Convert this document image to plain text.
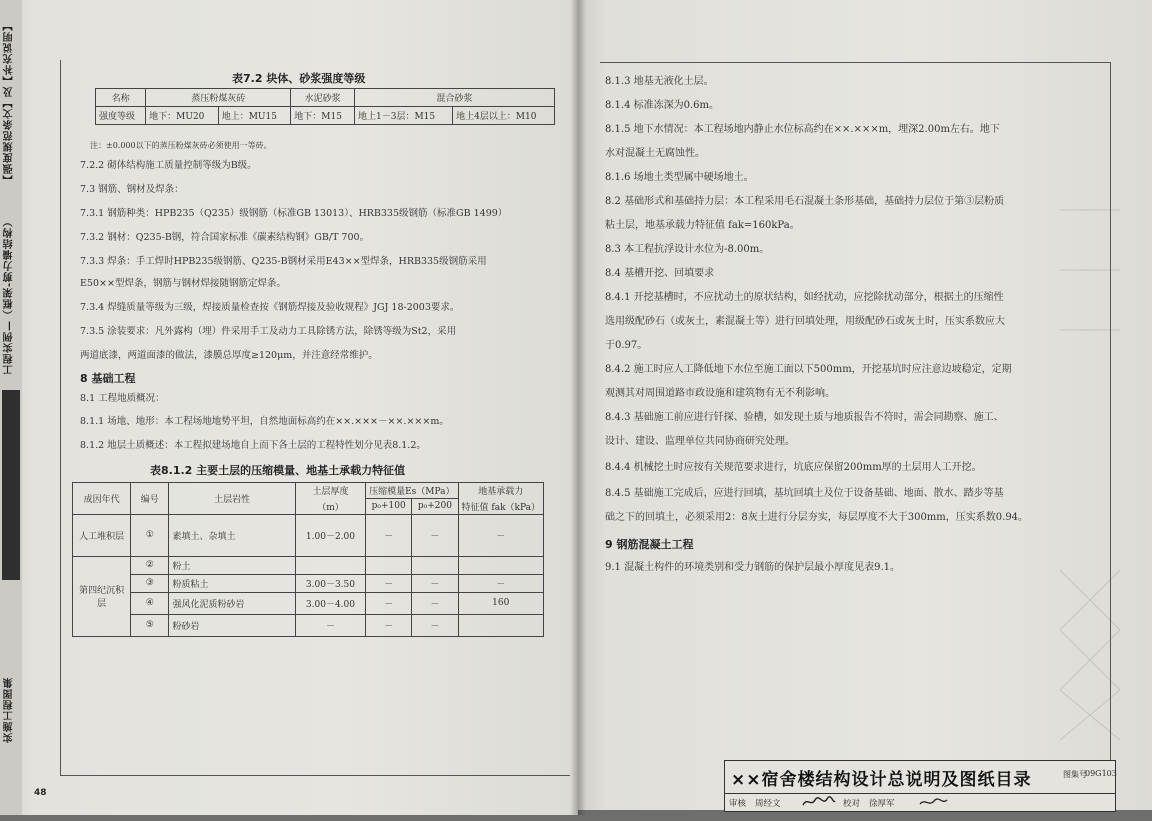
【强度规范条文】及【补充说明】
工程实例—（框架-剪力墙结构）
实施工程图集
表7.2 块体、砂浆强度等级
名称	蒸压粉煤灰砖		水泥砂浆	混合砂浆	
强度等级	地下：MU20	地上：MU15	地下：M15	地上1－3层：M15	地上4层以上：M10
注：±0.000以下的蒸压粉煤灰砖必须使用一等砖。
7.2.2 砌体结构施工质量控制等级为B级。
7.3 钢筋、钢材及焊条：
7.3.1 钢筋种类：HPB235（Q235）级钢筋（标准GB 13013）、HRB335级钢筋（标准GB 1499）
7.3.2 钢材：Q235-B钢，符合国家标准《碳素结构钢》GB/T 700。
7.3.3 焊条：手工焊时HPB235级钢筋、Q235-B钢材采用E43××型焊条，HRB335级钢筋采用
E50××型焊条，钢筋与钢材焊接随钢筋定焊条。
7.3.4 焊缝质量等级为三级，焊接质量检查按《钢筋焊接及验收规程》JGJ 18-2003要求。
7.3.5 涂装要求：凡外露构（埋）件采用手工及动力工具除锈方法，除锈等级为St2，采用
两道底漆，两道面漆的做法，漆膜总厚度≥120μm，并注意经常维护。
8 基础工程
8.1 工程地质概况：
8.1.1 场地、地形：本工程场地地势平坦，自然地面标高约在××.×××－××.×××m。
8.1.2 地层土质概述：本工程拟建场地自上而下各土层的工程特性划分见表8.1.2。
表8.1.2 主要土层的压缩模量、地基土承载力特征值
成因年代	编号	土层岩性	土层厚度	压缩模量Es（MPa）		地基承载力
			（m）	p₀+100	p₀+200	特征值 fak（kPa）
人工堆积层	①	素填土、杂填土	1.00－2.00	－	－	－
第四纪沉积层	②	粉土				
	③	粉质粘土	3.00－3.50	－	－	－
	④	强风化泥质粉砂岩	3.00－4.00	－	－	160
	⑤	粉砂岩	－	－	－	
48
8.1.3 地基无液化土层。
8.1.4 标准冻深为0.6m。
8.1.5 地下水情况：本工程场地内静止水位标高约在××.×××m，埋深2.00m左右。地下
水对混凝土无腐蚀性。
8.1.6 场地土类型属中硬场地土。
8.2 基础形式和基础持力层：本工程采用毛石混凝土条形基础，基础持力层位于第③层粉质
粘土层，地基承载力特征值 fak=160kPa。
8.3 本工程抗浮设计水位为-8.00m。
8.4 基槽开挖、回填要求
8.4.1 开挖基槽时，不应扰动土的原状结构，如经扰动，应挖除扰动部分，根据土的压缩性
选用级配砂石（或灰土，素混凝土等）进行回填处理，用级配砂石或灰土时，压实系数应大
于0.97。
8.4.2 施工时应人工降低地下水位至施工面以下500mm，开挖基坑时应注意边坡稳定，定期
观测其对周围道路市政设施和建筑物有无不利影响。
8.4.3 基础施工前应进行钎探、验槽，如发现土质与地质报告不符时，需会同勘察、施工、
设计、建设、监理单位共同协商研究处理。
8.4.4 机械挖土时应按有关规范要求进行，坑底应保留200mm厚的土层用人工开挖。
8.4.5 基础施工完成后，应进行回填，基坑回填土及位于设备基础、地面、散水、踏步等基
础之下的回填土，必须采用2：8灰土进行分层夯实，每层厚度不大于300mm，压实系数0.94。
9 钢筋混凝土工程
9.1 混凝土构件的环境类别和受力钢筋的保护层最小厚度见表9.1。
××宿舍楼结构设计总说明及图纸目录	图集号
09G103
审核 周经文	校对 徐厚军
